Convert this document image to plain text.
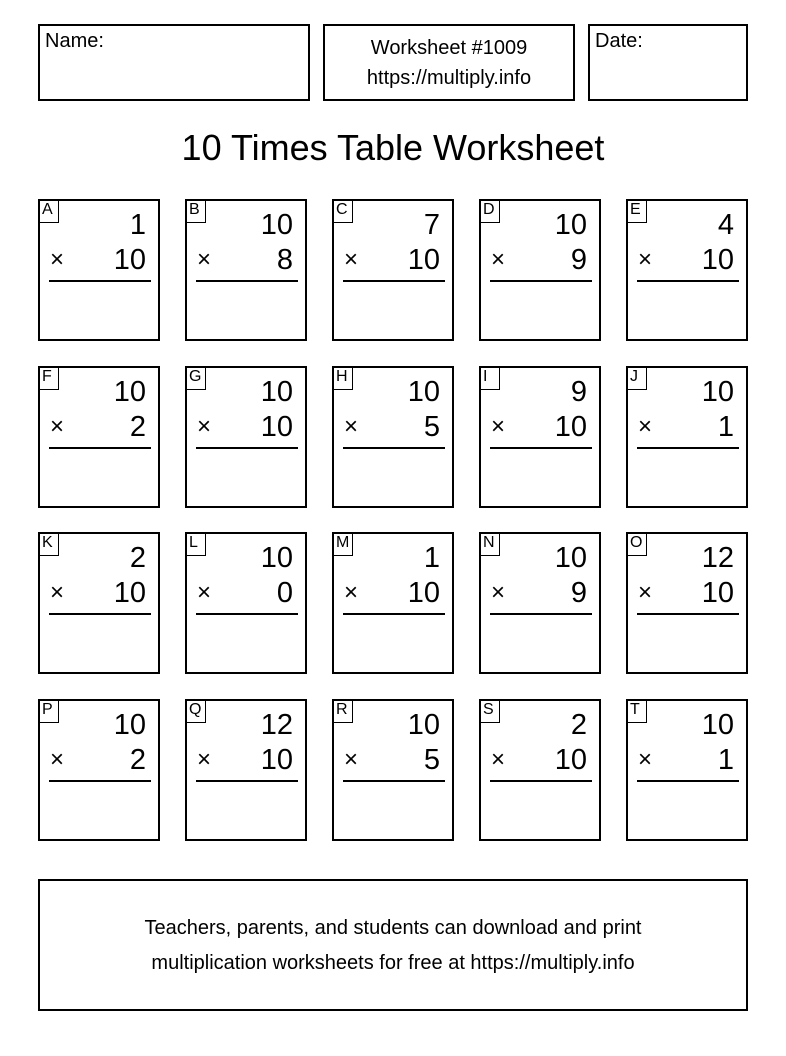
Name:	Worksheet #1009
https://multiply.info
Date:
10 Times Table Worksheet
A	1
× 10
B 10
× 8
C	7
× 10
D 10
× 9
E	4
× 10
F 10
× 2
G 10
× 10
H 10
× 5
I	9
× 10
J	10
× 1
K	2
× 10
L 10
× 0
M	1
× 10
N 10
× 9
O 12
× 10
P 10
× 2
Q 12
× 10
R 10
× 5
S	2
× 10
T 10
× 1
Teachers, parents, and students can download and print
multiplication worksheets for free at https://multiply.info
